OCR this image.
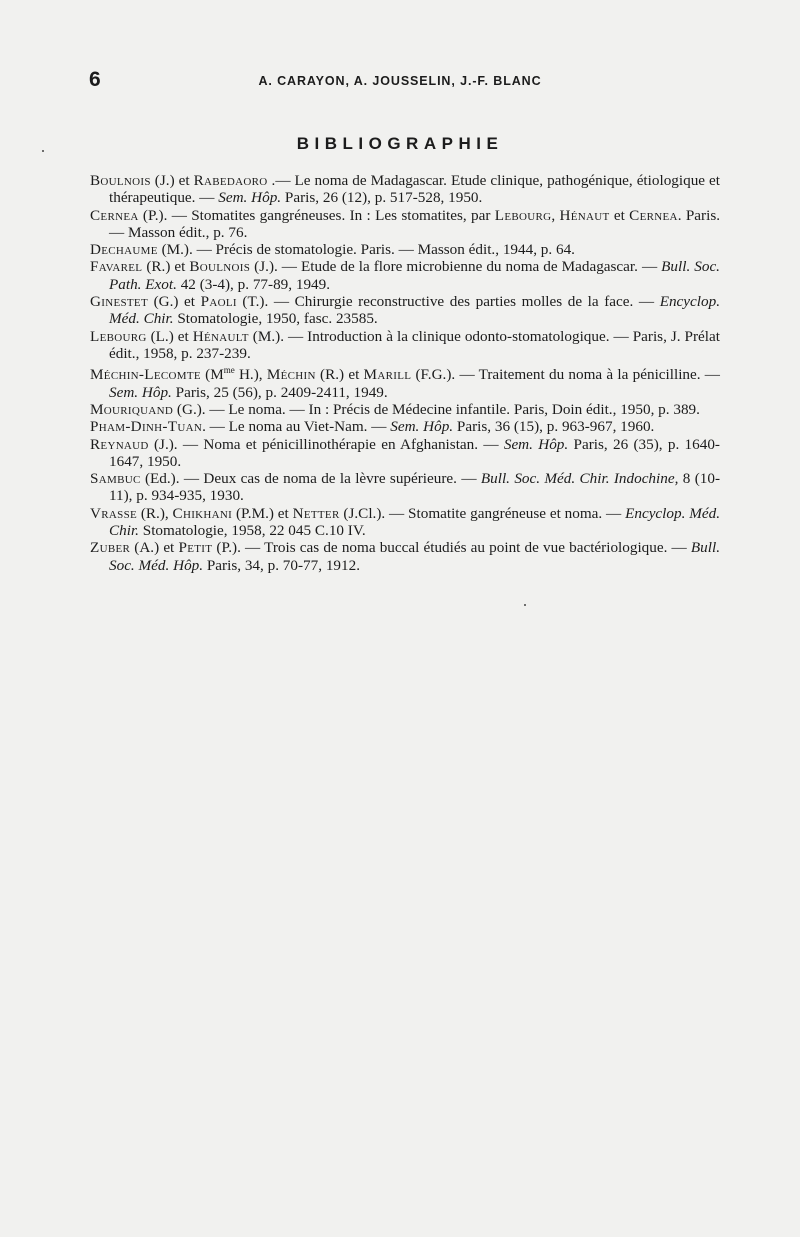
6	A. CARAYON, A. JOUSSELIN, J.-F. BLANC
BIBLIOGRAPHIE
Boulnois (J.) et Rabedaoro .— Le noma de Madagascar. Etude clinique, pathogénique, étiologique et thérapeutique. — Sem. Hôp. Paris, 26 (12), p. 517-528, 1950.
Cernea (P.). — Stomatites gangréneuses. In : Les stomatites, par Lebourg, Hénaut et Cernea. Paris. — Masson édit., p. 76.
Dechaume (M.). — Précis de stomatologie. Paris. — Masson édit., 1944, p. 64.
Favarel (R.) et Boulnois (J.). — Etude de la flore microbienne du noma de Madagascar. — Bull. Soc. Path. Exot. 42 (3-4), p. 77-89, 1949.
Ginestet (G.) et Paoli (T.). — Chirurgie reconstructive des parties molles de la face. — Encyclop. Méd. Chir. Stomatologie, 1950, fasc. 23585.
Lebourg (L.) et Hénault (M.). — Introduction à la clinique odonto-stomatologique. — Paris, J. Prélat édit., 1958, p. 237-239.
Méchin-Lecomte ($M^{me}$ H.), Méchin (R.) et Marill (F.G.). — Traitement du noma à la pénicilline. — Sem. Hôp. Paris, 25 (56), p. 2409-2411, 1949.
Mouriquand (G.). — Le noma. — In : Précis de Médecine infantile. Paris, Doin édit., 1950, p. 389.
Pham-Dinh-Tuan. — Le noma au Viet-Nam. — Sem. Hôp. Paris, 36 (15), p. 963-967, 1960.
Reynaud (J.). — Noma et pénicillinothérapie en Afghanistan. — Sem. Hôp. Paris, 26 (35), p. 1640-1647, 1950.
Sambuc (Ed.). — Deux cas de noma de la lèvre supérieure. — Bull. Soc. Méd. Chir. Indochine, 8 (10-11), p. 934-935, 1930.
Vrasse (R.), Chikhani (P.M.) et Netter (J.Cl.). — Stomatite gangréneuse et noma. — Encyclop. Méd. Chir. Stomatologie, 1958, 22 045 C.10 IV.
Zuber (A.) et Petit (P.). — Trois cas de noma buccal étudiés au point de vue bactériologique. — Bull. Soc. Méd. Hôp. Paris, 34, p. 70-77, 1912.
